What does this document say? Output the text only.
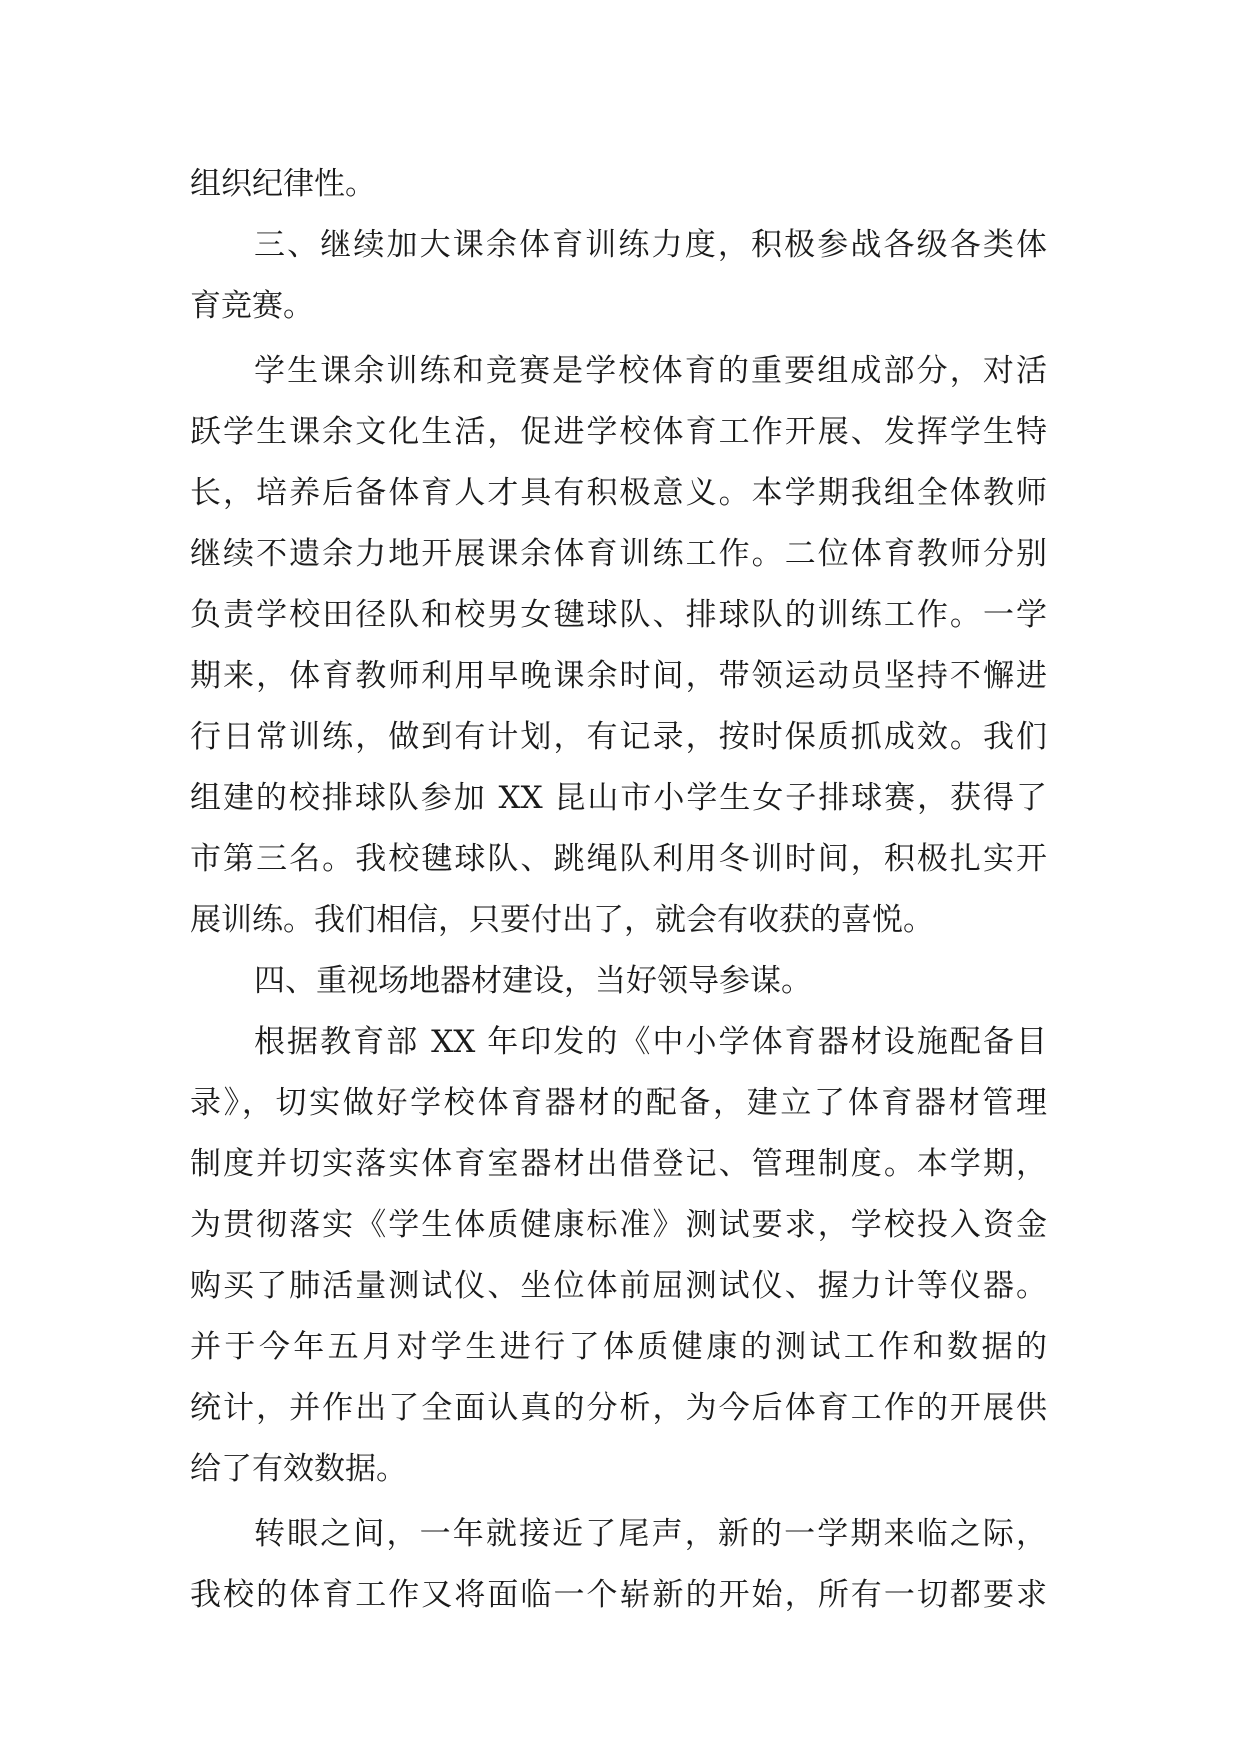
组织纪律性。
三、继续加大课余体育训练力度，积极参战各级各类体
育竞赛。
学生课余训练和竞赛是学校体育的重要组成部分，对活
跃学生课余文化生活，促进学校体育工作开展、发挥学生特
长，培养后备体育人才具有积极意义。本学期我组全体教师
继续不遗余力地开展课余体育训练工作。二位体育教师分别
负责学校田径队和校男女毽球队、排球队的训练工作。一学
期来，体育教师利用早晚课余时间，带领运动员坚持不懈进
行日常训练，做到有计划，有记录，按时保质抓成效。我们
组建的校排球队参加 XX 昆山市小学生女子排球赛，获得了
市第三名。我校毽球队、跳绳队利用冬训时间，积极扎实开
展训练。我们相信，只要付出了，就会有收获的喜悦。
四、重视场地器材建设，当好领导参谋。
根据教育部 XX 年印发的《中小学体育器材设施配备目
录》，切实做好学校体育器材的配备，建立了体育器材管理
制度并切实落实体育室器材出借登记、管理制度。本学期，
为贯彻落实《学生体质健康标准》测试要求，学校投入资金
购买了肺活量测试仪、坐位体前屈测试仪、握力计等仪器。
并于今年五月对学生进行了体质健康的测试工作和数据的
统计，并作出了全面认真的分析，为今后体育工作的开展供
给了有效数据。
转眼之间，一年就接近了尾声，新的一学期来临之际，
我校的体育工作又将面临一个崭新的开始，所有一切都要求
